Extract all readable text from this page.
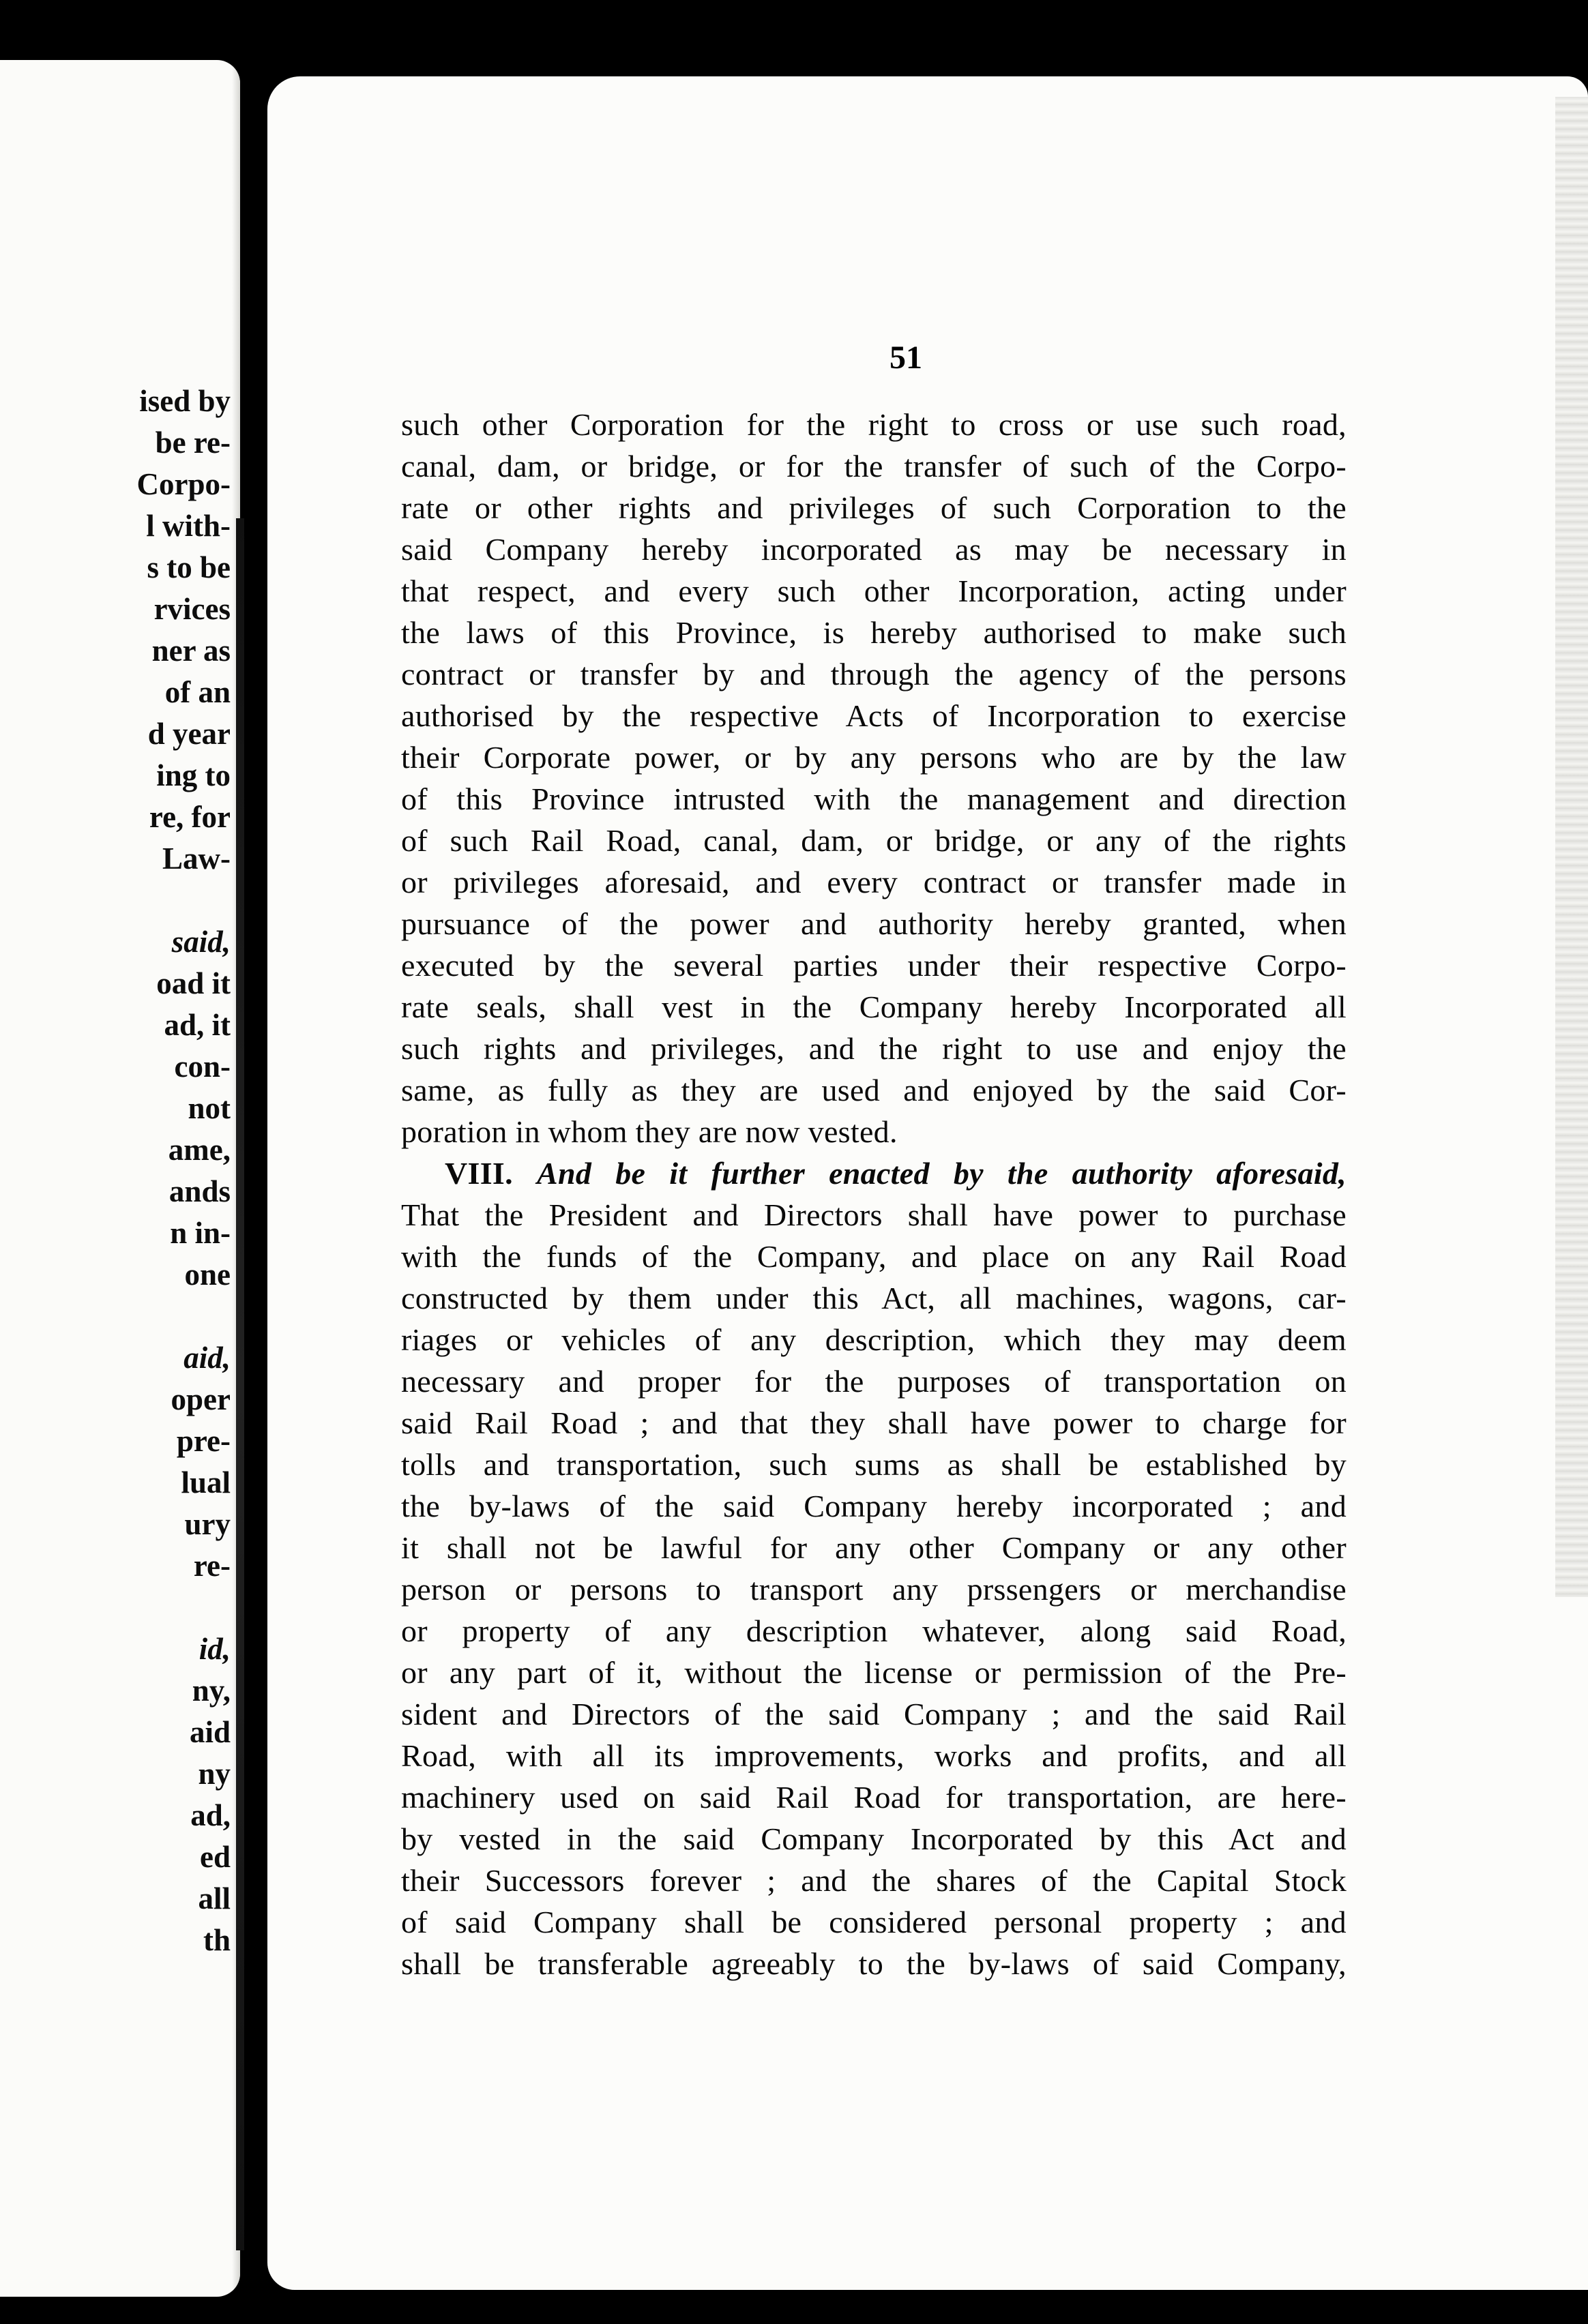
ised by
be re-
Corpo-
l with-
s to be
rvices
ner as
of an
d year
ing to
re, for
Law-
said,
oad it
ad, it
con-
not
ame,
ands
n in-
one
aid,
oper
pre-
lual
ury
re-
id,
ny,
aid
ny
ad,
ed
all
th
51
such other Corporation for the right to cross or use such road,
canal, dam, or bridge, or for the transfer of such of the Corpo-
rate or other rights and privileges of such Corporation to the
said Company hereby incorporated as may be necessary in
that respect, and every such other Incorporation, acting under
the laws of this Province, is hereby authorised to make such
contract or transfer by and through the agency of the persons
authorised by the respective Acts of Incorporation to exercise
their Corporate power, or by any persons who are by the law
of this Province intrusted with the management and direction
of such Rail Road, canal, dam, or bridge, or any of the rights
or privileges aforesaid, and every contract or transfer made in
pursuance of the power and authority hereby granted, when
executed by the several parties under their respective Corpo-
rate seals, shall vest in the Company hereby Incorporated all
such rights and privileges, and the right to use and enjoy the
same, as fully as they are used and enjoyed by the said Cor-
poration in whom they are now vested.
VIII. And be it further enacted by the authority aforesaid,
That the President and Directors shall have power to purchase
with the funds of the Company, and place on any Rail Road
constructed by them under this Act, all machines, wagons, car-
riages or vehicles of any description, which they may deem
necessary and proper for the purposes of transportation on
said Rail Road ; and that they shall have power to charge for
tolls and transportation, such sums as shall be established by
the by-laws of the said Company hereby incorporated ; and
it shall not be lawful for any other Company or any other
person or persons to transport any prssengers or merchandise
or property of any description whatever, along said Road,
or any part of it, without the license or permission of the Pre-
sident and Directors of the said Company ; and the said Rail
Road, with all its improvements, works and profits, and all
machinery used on said Rail Road for transportation, are here-
by vested in the said Company Incorporated by this Act and
their Successors forever ; and the shares of the Capital Stock
of said Company shall be considered personal property ; and
shall be transferable agreeably to the by-laws of said Company,
